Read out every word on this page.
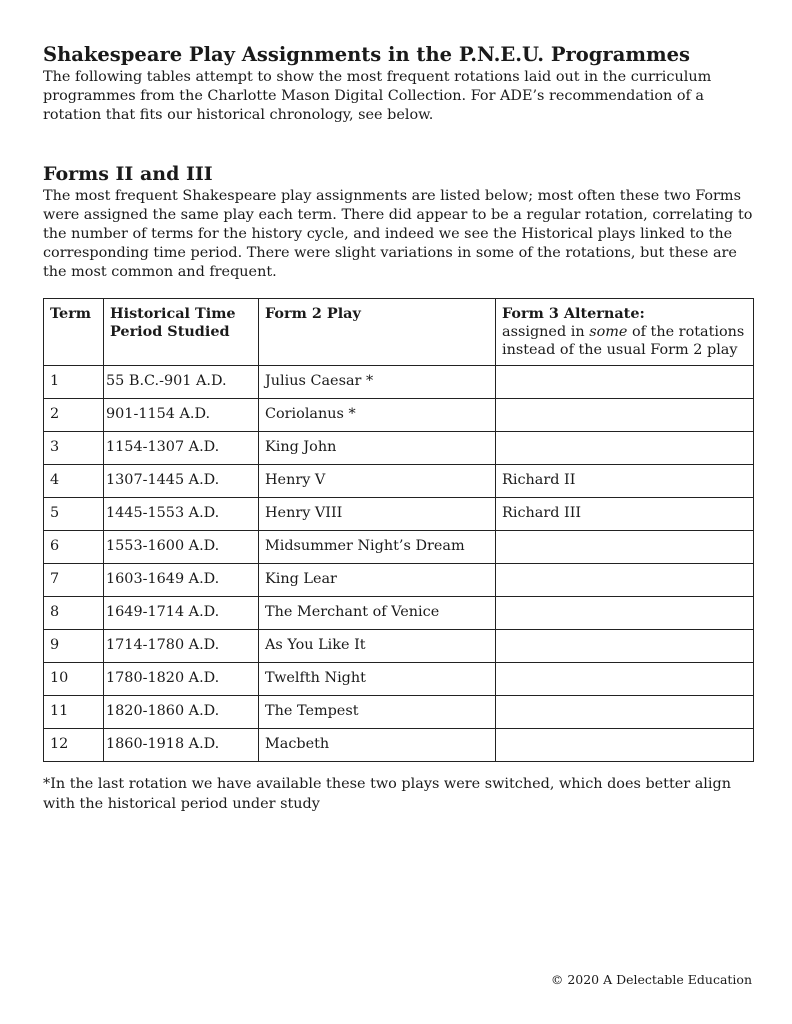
Shakespeare Play Assignments in the P.N.E.U. Programmes

The following tables attempt to show the most frequent rotations laid out in the curriculum programmes from the Charlotte Mason Digital Collection. For ADE’s recommendation of a rotation that fits our historical chronology, see below.

Forms II and III

The most frequent Shakespeare play assignments are listed below; most often these two Forms were assigned the same play each term. There did appear to be a regular rotation, correlating to the number of terms for the history cycle, and indeed we see the Historical plays linked to the corresponding time period. There were slight variations in some of the rotations, but these are the most common and frequent.

Term	Historical Time Period Studied	Form 2 Play	Form 3 Alternate:
assigned in some of the rotations instead of the usual Form 2 play

1	55 B.C.-901 A.D.	Julius Caesar *	
2	901-1154 A.D.	Coriolanus *	
3	1154-1307 A.D.	King John	
4	1307-1445 A.D.	Henry V	Richard II
5	1445-1553 A.D.	Henry VIII	Richard III
6	1553-1600 A.D.	Midsummer Night’s Dream	
7	1603-1649 A.D.	King Lear	
8	1649-1714 A.D.	The Merchant of Venice	
9	1714-1780 A.D.	As You Like It	
10	1780-1820 A.D.	Twelfth Night	
11	1820-1860 A.D.	The Tempest	
12	1860-1918 A.D.	Macbeth	

*In the last rotation we have available these two plays were switched, which does better align with the historical period under study

© 2020 A Delectable Education
